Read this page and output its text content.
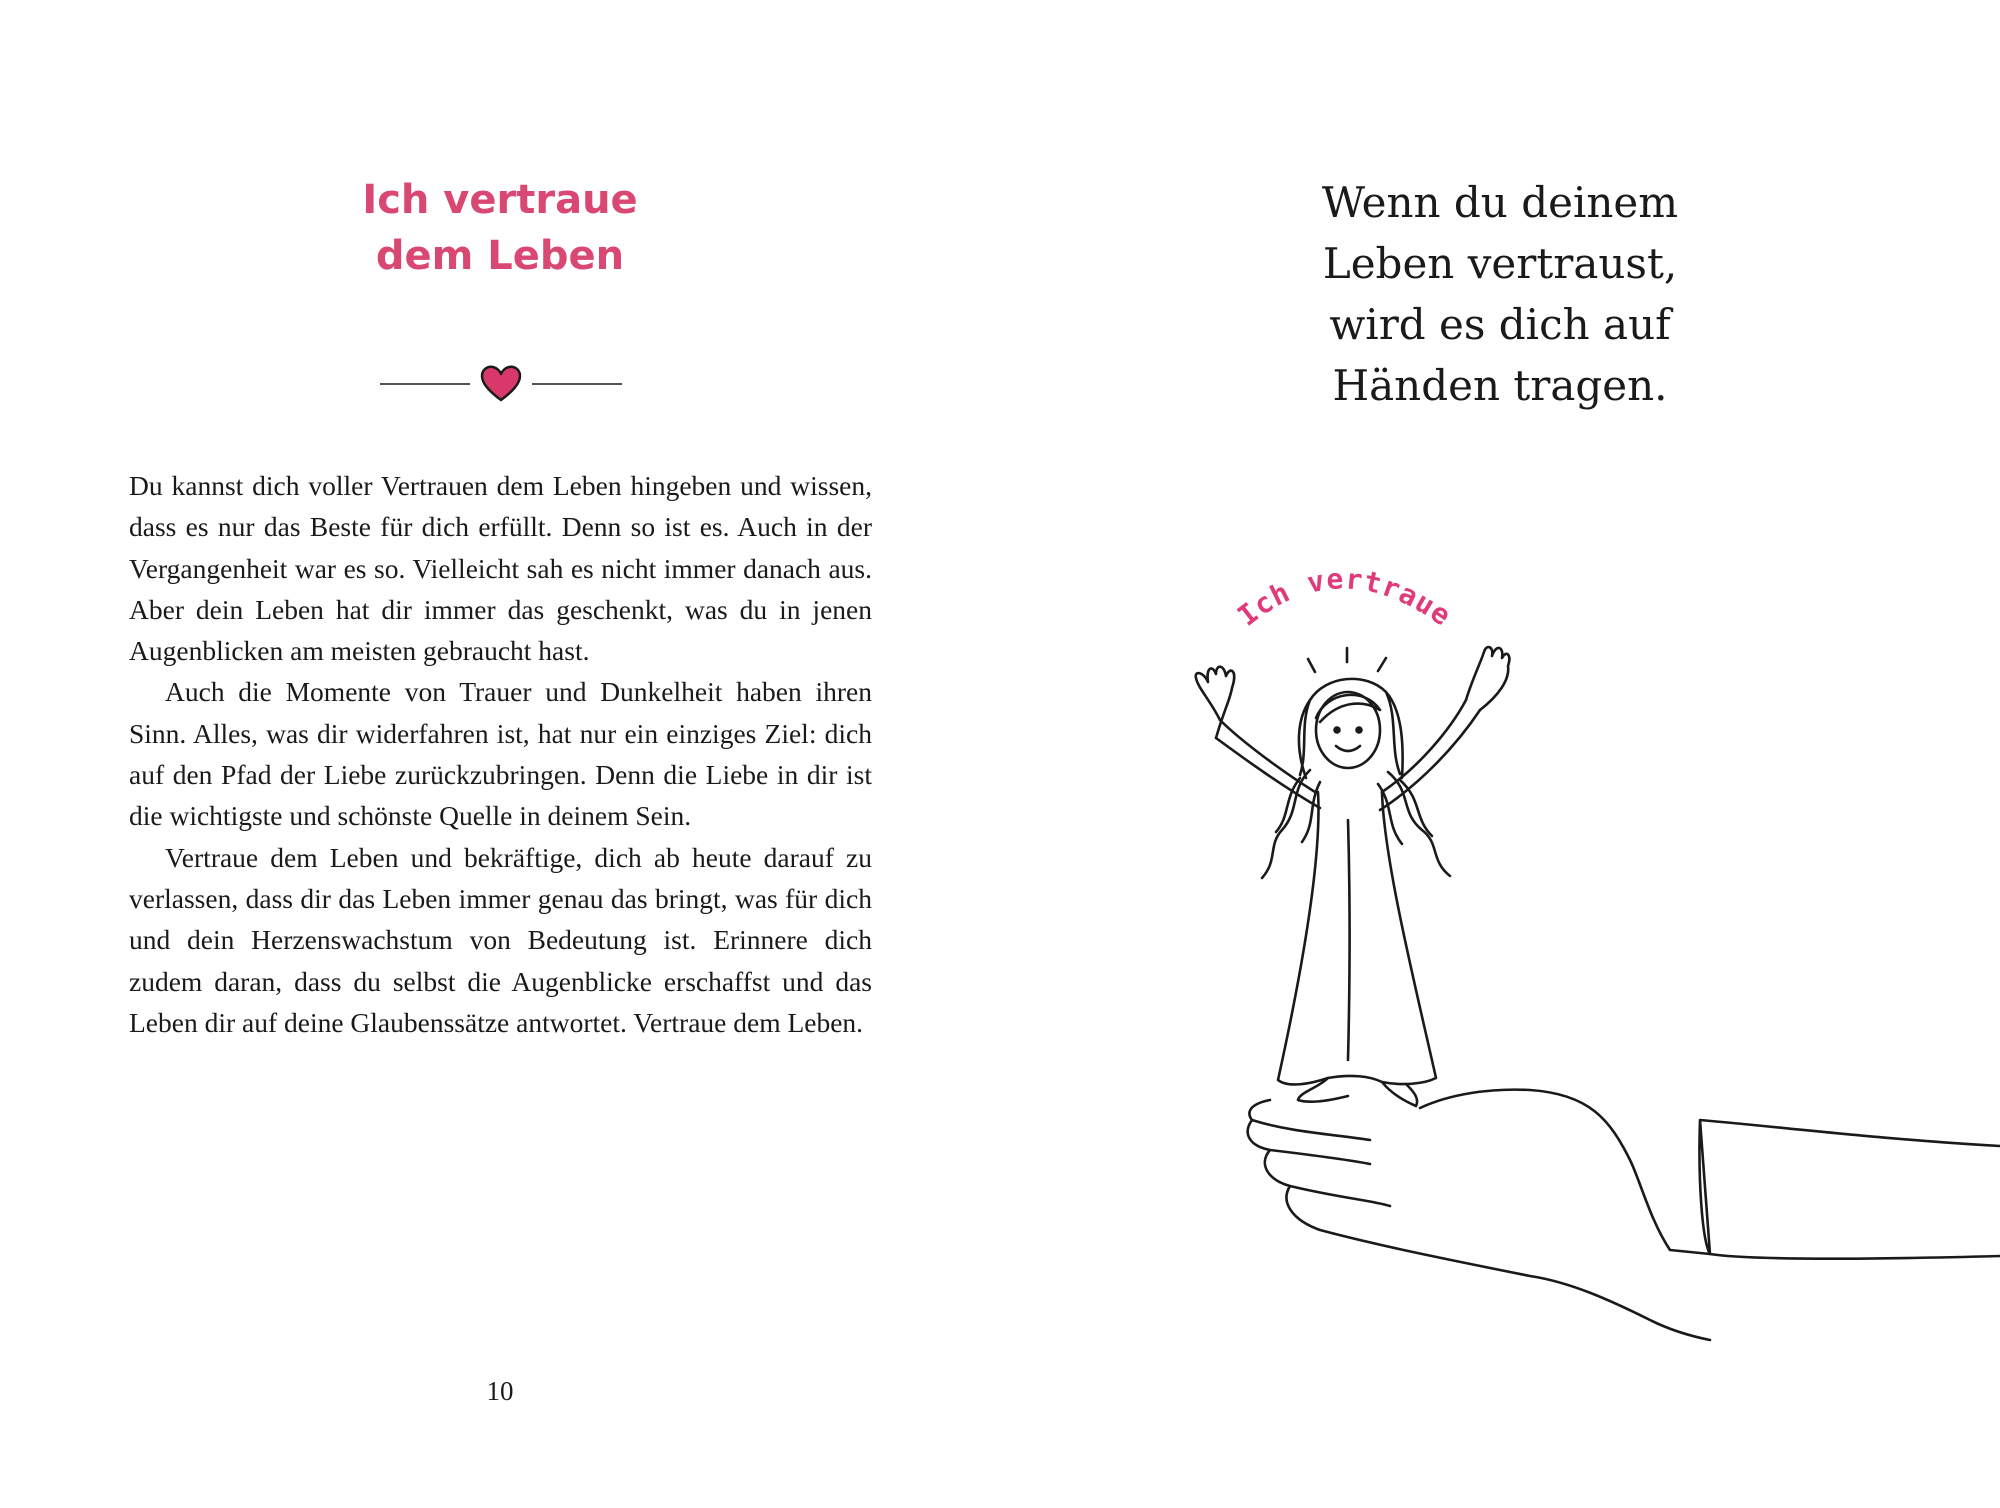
Ich vertraue
dem Leben

Du kannst dich voller Vertrauen dem Leben hingeben und wissen, dass es nur das Beste für dich erfüllt. Denn so ist es. Auch in der Vergangenheit war es so. Vielleicht sah es nicht immer danach aus. Aber dein Leben hat dir immer das geschenkt, was du in jenen Augenblicken am meisten gebraucht hast.

Auch die Momente von Trauer und Dunkelheit haben ihren Sinn. Alles, was dir widerfahren ist, hat nur ein einziges Ziel: dich auf den Pfad der Liebe zurückzubringen. Denn die Liebe in dir ist die wichtigste und schönste Quelle in deinem Sein.

Vertraue dem Leben und bekräftige, dich ab heute darauf zu verlassen, dass dir das Leben immer genau das bringt, was für dich und dein Herzenswachstum von Bedeutung ist. Erinnere dich zudem daran, dass du selbst die Augenblicke erschaffst und das Leben dir auf deine Glaubenssätze antwortet. Vertraue dem Leben.

10
Wenn du deinem
Leben vertraust,
wird es dich auf
Händen tragen.
Ich vertraue
